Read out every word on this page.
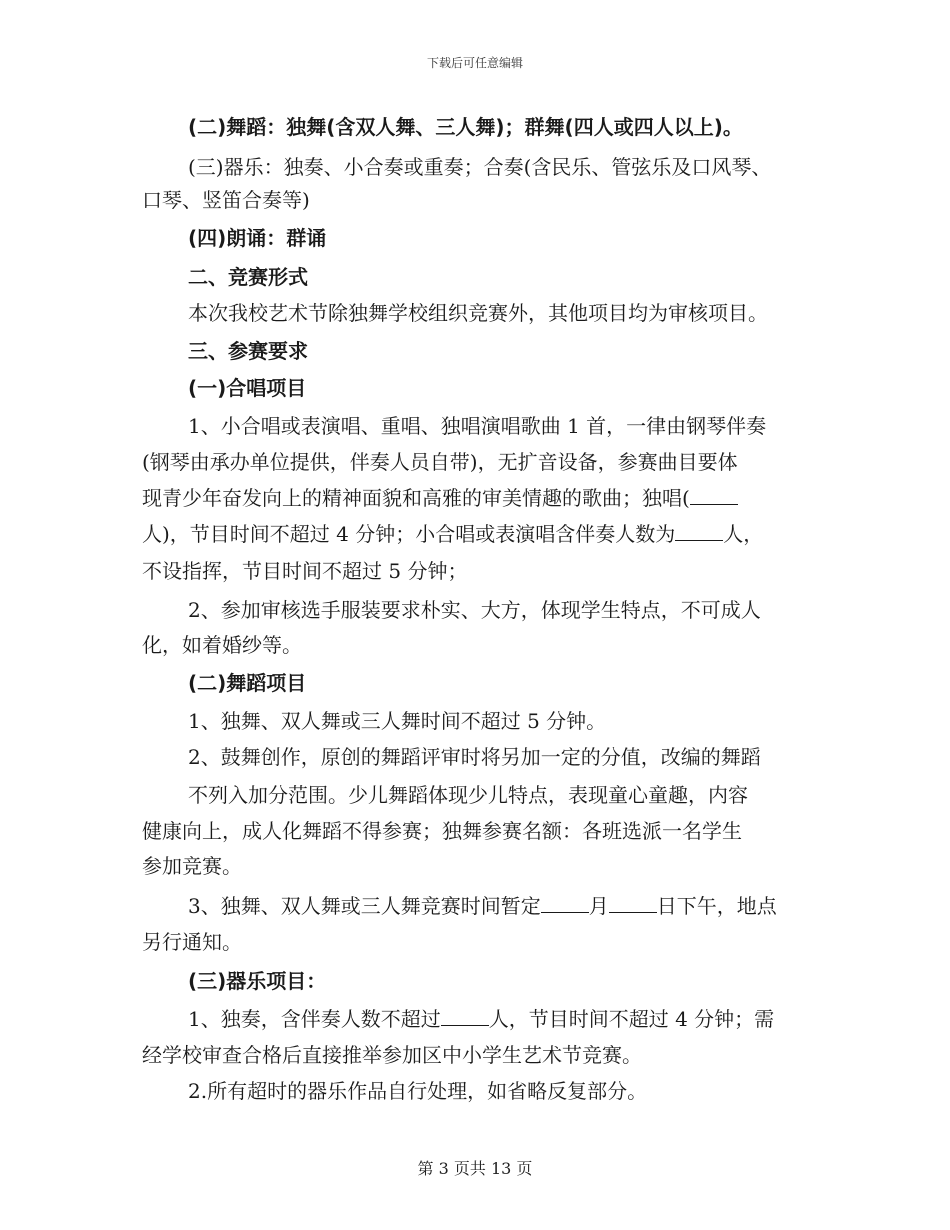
下载后可任意编辑
(二)舞蹈：独舞(含双人舞、三人舞)；群舞(四人或四人以上)。
(三)器乐：独奏、小合奏或重奏；合奏(含民乐、管弦乐及口风琴、
口琴、竖笛合奏等)
(四)朗诵：群诵
二、竞赛形式
本次我校艺术节除独舞学校组织竞赛外，其他项目均为审核项目。
三、参赛要求
(一)合唱项目
1、小合唱或表演唱、重唱、独唱演唱歌曲 1 首，一律由钢琴伴奏
(钢琴由承办单位提供，伴奏人员自带)，无扩音设备，参赛曲目要体
现青少年奋发向上的精神面貌和高雅的审美情趣的歌曲；独唱(
人)，节目时间不超过 4 分钟；小合唱或表演唱含伴奏人数为 人，
不设指挥，节目时间不超过 5 分钟；
2、参加审核选手服装要求朴实、大方，体现学生特点，不可成人
化，如着婚纱等。
(二)舞蹈项目
1、独舞、双人舞或三人舞时间不超过 5 分钟。
2、鼓舞创作，原创的舞蹈评审时将另加一定的分值，改编的舞蹈
不列入加分范围。少儿舞蹈体现少儿特点，表现童心童趣，内容
健康向上，成人化舞蹈不得参赛；独舞参赛名额：各班选派一名学生
参加竞赛。
3、独舞、双人舞或三人舞竞赛时间暂定 月 日下午，地点
另行通知。
(三)器乐项目：
1、独奏，含伴奏人数不超过 人，节目时间不超过 4 分钟；需
经学校审查合格后直接推举参加区中小学生艺术节竞赛。
2.所有超时的器乐作品自行处理，如省略反复部分。
第 3 页共 13 页
